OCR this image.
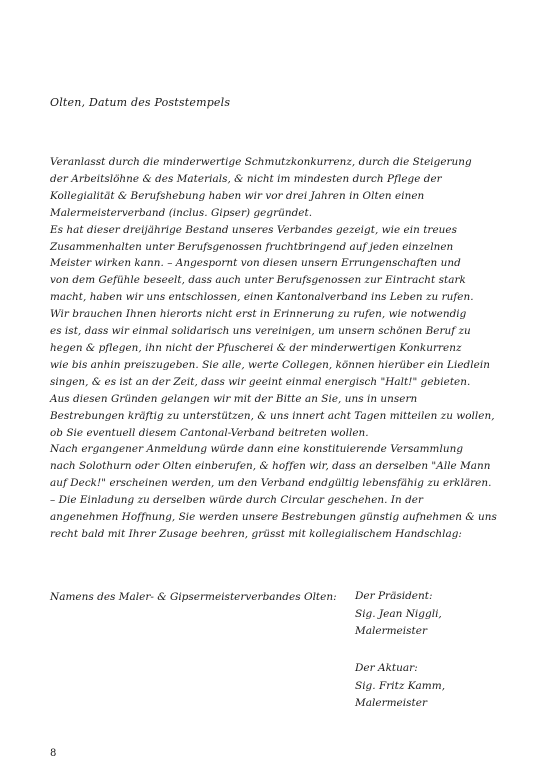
Olten, Datum des Poststempels
Veranlasst durch die minderwertige Schmutzkonkurrenz, durch die Steigerung
der Arbeitslöhne & des Materials, & nicht im mindesten durch Pflege der
Kollegialität & Berufshebung haben wir vor drei Jahren in Olten einen
Malermeisterverband (inclus. Gipser) gegründet.
Es hat dieser dreijährige Bestand unseres Verbandes gezeigt, wie ein treues
Zusammenhalten unter Berufsgenossen fruchtbringend auf jeden einzelnen
Meister wirken kann. – Angespornt von diesen unsern Errungenschaften und
von dem Gefühle beseelt, dass auch unter Berufsgenossen zur Eintracht stark
macht, haben wir uns entschlossen, einen Kantonalverband ins Leben zu rufen.
Wir brauchen Ihnen hierorts nicht erst in Erinnerung zu rufen, wie notwendig
es ist, dass wir einmal solidarisch uns vereinigen, um unsern schönen Beruf zu
hegen & pflegen, ihn nicht der Pfuscherei & der minderwertigen Konkurrenz
wie bis anhin preiszugeben. Sie alle, werte Collegen, können hierüber ein Liedlein
singen, & es ist an der Zeit, dass wir geeint einmal energisch "Halt!" gebieten.
Aus diesen Gründen gelangen wir mit der Bitte an Sie, uns in unsern
Bestrebungen kräftig zu unterstützen, & uns innert acht Tagen mitteilen zu wollen,
ob Sie eventuell diesem Cantonal-Verband beitreten wollen.
Nach ergangener Anmeldung würde dann eine konstituierende Versammlung
nach Solothurn oder Olten einberufen, & hoffen wir, dass an derselben "Alle Mann
auf Deck!" erscheinen werden, um den Verband endgültig lebensfähig zu erklären.
– Die Einladung zu derselben würde durch Circular geschehen. In der
angenehmen Hoffnung, Sie werden unsere Bestrebungen günstig aufnehmen & uns
recht bald mit Ihrer Zusage beehren, grüsst mit kollegialischem Handschlag:
Namens des Maler- & Gipsermeisterverbandes Olten: Der Präsident:
Sig. Jean Niggli,
Malermeister
Der Aktuar:
Sig. Fritz Kamm,
Malermeister
8
